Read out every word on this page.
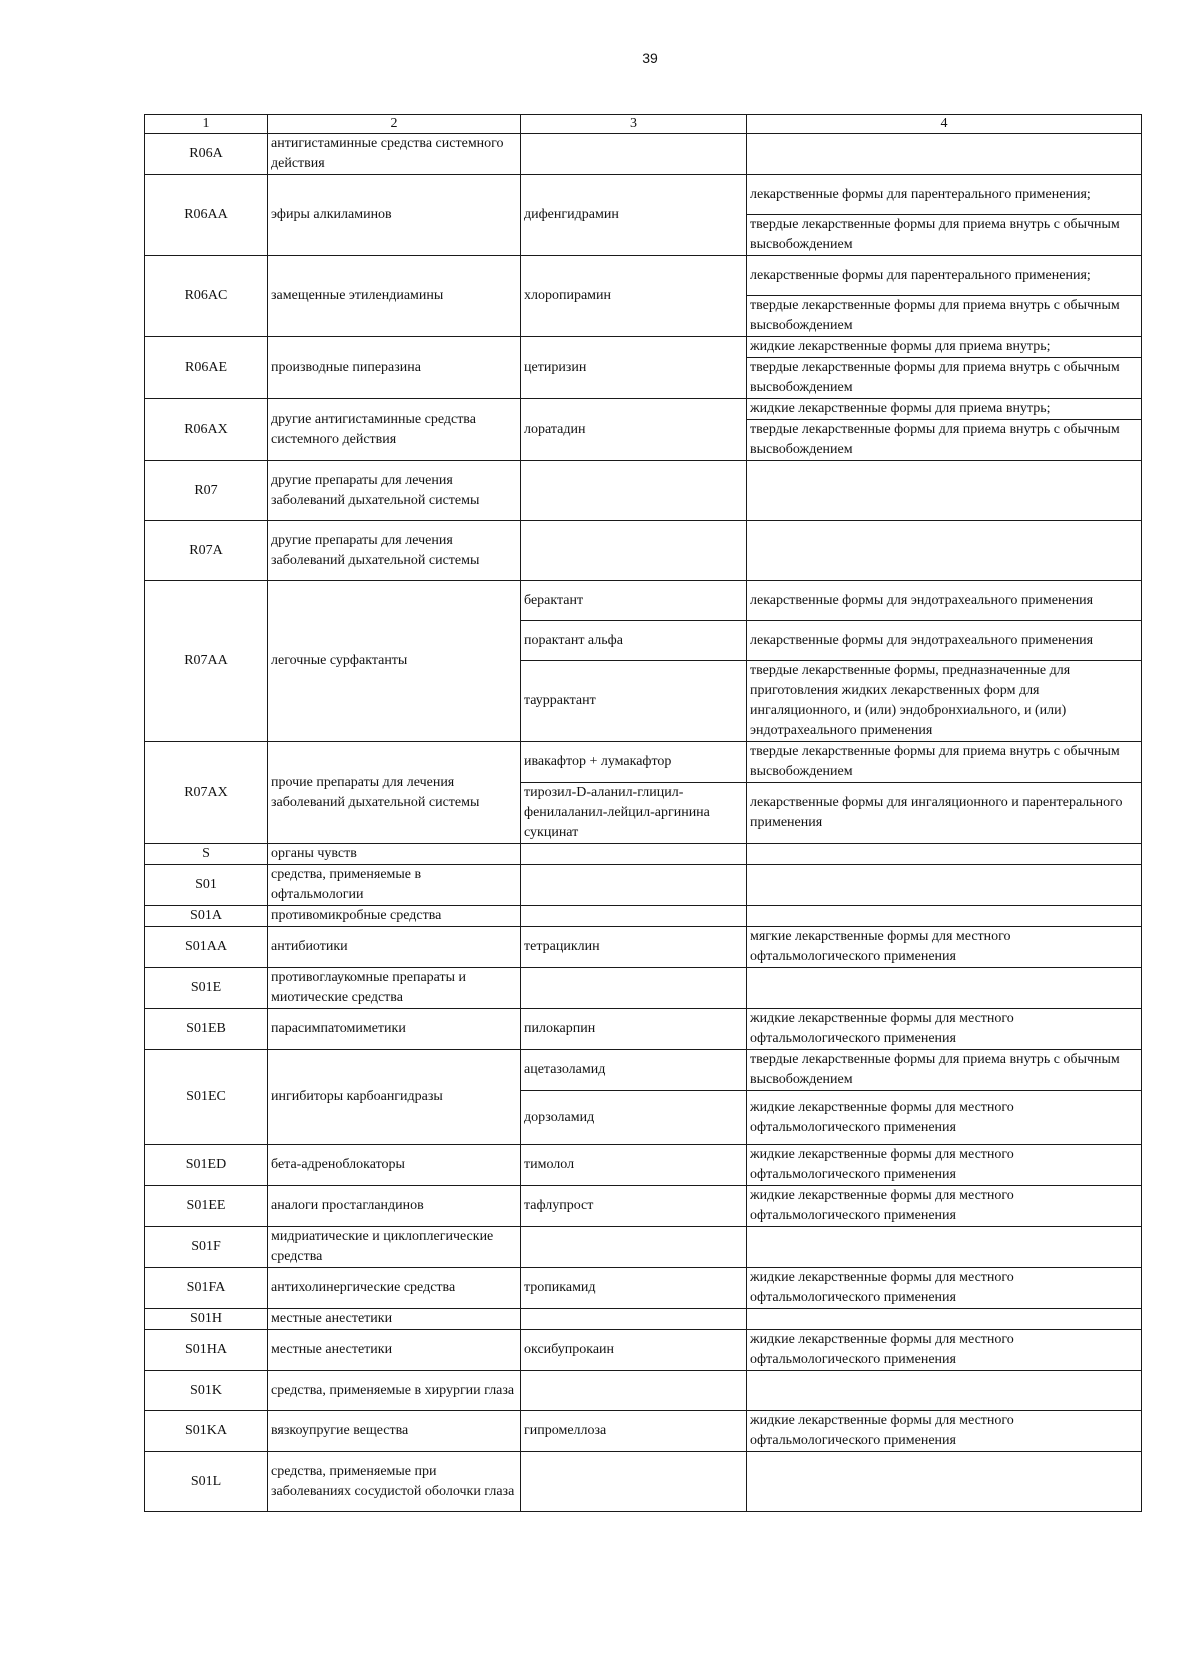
39
1	2	3	4
R06A	антигистаминные средства системного действия		
R06AA	эфиры алкиламинов	дифенгидрамин	лекарственные формы для парентерального применения;
			твердые лекарственные формы для приема внутрь с обычным высвобождением
R06AC	замещенные этилендиамины	хлоропирамин	лекарственные формы для парентерального применения;
			твердые лекарственные формы для приема внутрь с обычным высвобождением
R06AE	производные пиперазина	цетиризин	жидкие лекарственные формы для приема внутрь;
			твердые лекарственные формы для приема внутрь с обычным высвобождением
R06AX	другие антигистаминные средства системного действия	лоратадин	жидкие лекарственные формы для приема внутрь;
			твердые лекарственные формы для приема внутрь с обычным высвобождением
R07	другие препараты для лечения заболеваний дыхательной системы		
R07A	другие препараты для лечения заболеваний дыхательной системы		
R07AA	легочные сурфактанты	берактант	лекарственные формы для эндотрахеального применения
		порактант альфа	лекарственные формы для эндотрахеального применения
		тауррактант	твердые лекарственные формы, предназначенные для приготовления жидких лекарственных форм для ингаляционного, и (или) эндобронхиального, и (или) эндотрахеального применения
R07AX	прочие препараты для лечения заболеваний дыхательной системы	ивакафтор + лумакафтор	твердые лекарственные формы для приема внутрь с обычным высвобождением
		тирозил-D-аланил-глицил-фенилаланил-лейцил-аргинина сукцинат	лекарственные формы для ингаляционного и парентерального применения
S	органы чувств		
S01	средства, применяемые в офтальмологии		
S01A	противомикробные средства		
S01AA	антибиотики	тетрациклин	мягкие лекарственные формы для местного офтальмологического применения
S01E	противоглаукомные препараты и миотические средства		
S01EB	парасимпатомиметики	пилокарпин	жидкие лекарственные формы для местного офтальмологического применения
S01EC	ингибиторы карбоангидразы	ацетазоламид	твердые лекарственные формы для приема внутрь с обычным высвобождением
		дорзоламид	жидкие лекарственные формы для местного офтальмологического применения
S01ED	бета-адреноблокаторы	тимолол	жидкие лекарственные формы для местного офтальмологического применения
S01EE	аналоги простагландинов	тафлупрост	жидкие лекарственные формы для местного офтальмологического применения
S01F	мидриатические и циклоплегические средства		
S01FA	антихолинергические средства	тропикамид	жидкие лекарственные формы для местного офтальмологического применения
S01H	местные анестетики		
S01HA	местные анестетики	оксибупрокаин	жидкие лекарственные формы для местного офтальмологического применения
S01K	средства, применяемые в хирургии глаза		
S01KA	вязкоупругие вещества	гипромеллоза	жидкие лекарственные формы для местного офтальмологического применения
S01L	средства, применяемые при заболеваниях сосудистой оболочки глаза		
